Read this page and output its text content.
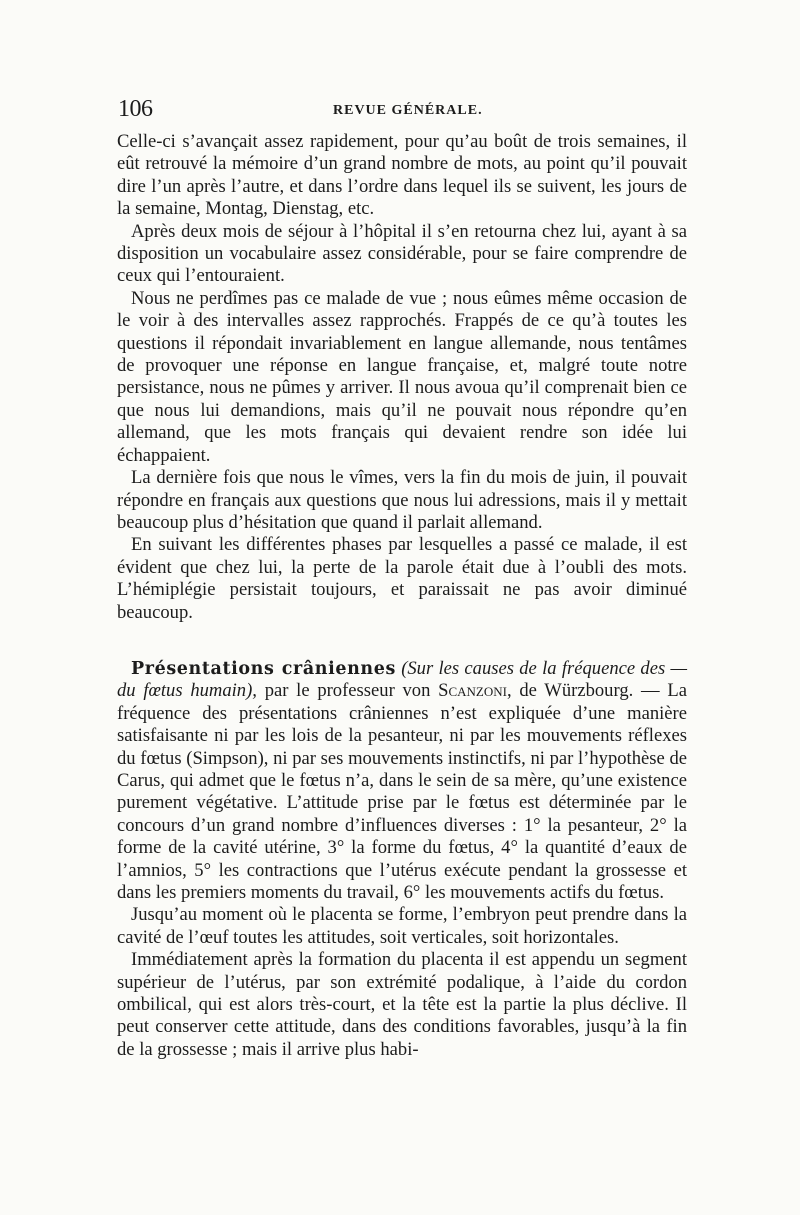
106	REVUE GÉNÉRALE.

Celle-ci s’avançait assez rapidement, pour qu’au boût de trois semaines, il eût retrouvé la mémoire d’un grand nombre de mots, au point qu’il pouvait dire l’un après l’autre, et dans l’ordre dans lequel ils se suivent, les jours de la semaine, Montag, Dienstag, etc.

Après deux mois de séjour à l’hôpital il s’en retourna chez lui, ayant à sa disposition un vocabulaire assez considérable, pour se faire comprendre de ceux qui l’entouraient.

Nous ne perdîmes pas ce malade de vue ; nous eûmes même occasion de le voir à des intervalles assez rapprochés. Frappés de ce qu’à toutes les questions il répondait invariablement en langue allemande, nous tentâmes de provoquer une réponse en langue française, et, malgré toute notre persistance, nous ne pûmes y arriver. Il nous avoua qu’il comprenait bien ce que nous lui demandions, mais qu’il ne pouvait nous répondre qu’en allemand, que les mots français qui devaient rendre son idée lui échappaient.

La dernière fois que nous le vîmes, vers la fin du mois de juin, il pouvait répondre en français aux questions que nous lui adressions, mais il y mettait beaucoup plus d’hésitation que quand il parlait allemand.

En suivant les différentes phases par lesquelles a passé ce malade, il est évident que chez lui, la perte de la parole était due à l’oubli des mots. L’hémiplégie persistait toujours, et paraissait ne pas avoir diminué beaucoup.

Présentations crâniennes (Sur les causes de la fréquence des — du fœtus humain), par le professeur von Scanzoni, de Würzbourg. — La fréquence des présentations crâniennes n’est expliquée d’une manière satisfaisante ni par les lois de la pesanteur, ni par les mouvements réflexes du fœtus (Simpson), ni par ses mouvements instinctifs, ni par l’hypothèse de Carus, qui admet que le fœtus n’a, dans le sein de sa mère, qu’une existence purement végétative. L’attitude prise par le fœtus est déterminée par le concours d’un grand nombre d’influences diverses : 1° la pesanteur, 2° la forme de la cavité utérine, 3° la forme du fœtus, 4° la quantité d’eaux de l’amnios, 5° les contractions que l’utérus exécute pendant la grossesse et dans les premiers moments du travail, 6° les mouvements actifs du fœtus.

Jusqu’au moment où le placenta se forme, l’embryon peut prendre dans la cavité de l’œuf toutes les attitudes, soit verticales, soit horizontales.

Immédiatement après la formation du placenta il est appendu un segment supérieur de l’utérus, par son extrémité podalique, à l’aide du cordon ombilical, qui est alors très-court, et la tête est la partie la plus déclive. Il peut conserver cette attitude, dans des conditions favorables, jusqu’à la fin de la grossesse ; mais il arrive plus habi-
